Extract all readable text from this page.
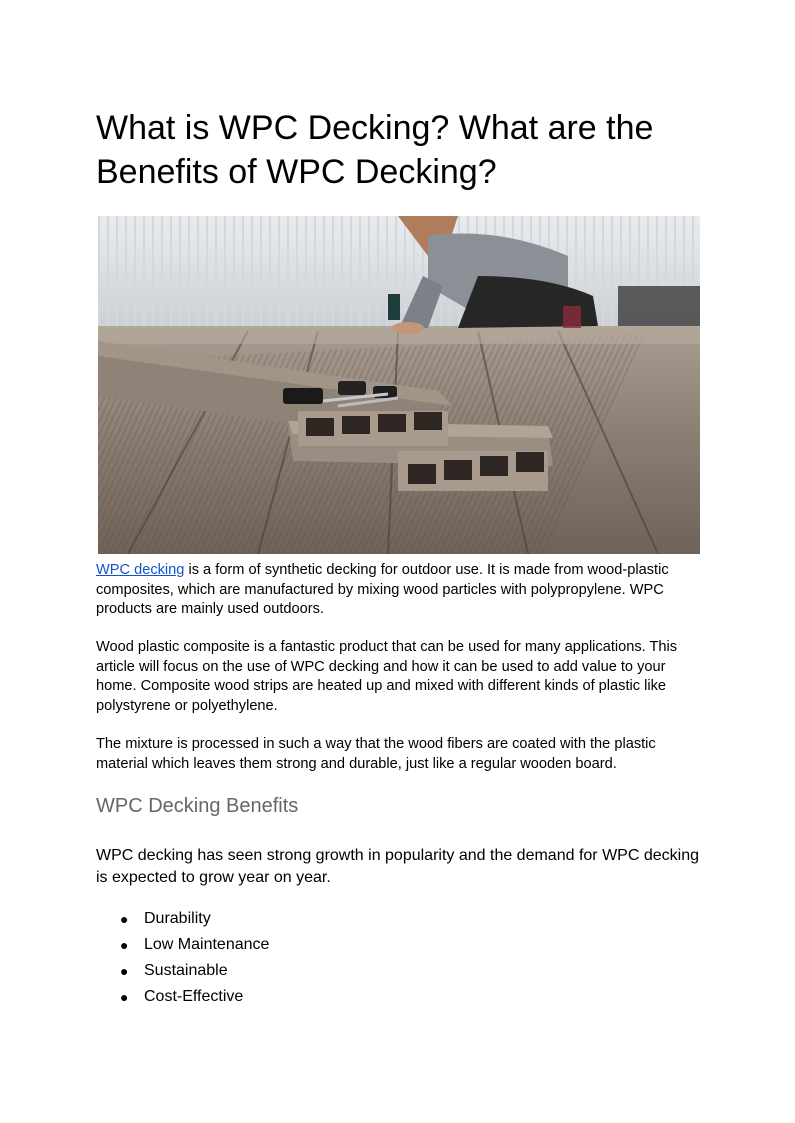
What is WPC Decking? What are the Benefits of WPC Decking?

WPC decking is a form of synthetic decking for outdoor use. It is made from wood-plastic composites, which are manufactured by mixing wood particles with polypropylene. WPC products are mainly used outdoors.

Wood plastic composite is a fantastic product that can be used for many applications. This article will focus on the use of WPC decking and how it can be used to add value to your home. Composite wood strips are heated up and mixed with different kinds of plastic like polystyrene or polyethylene.

The mixture is processed in such a way that the wood fibers are coated with the plastic material which leaves them strong and durable, just like a regular wooden board.

WPC Decking Benefits

WPC decking has seen strong growth in popularity and the demand for WPC decking is expected to grow year on year.

● Durability
● Low Maintenance
● Sustainable
● Cost-Effective
